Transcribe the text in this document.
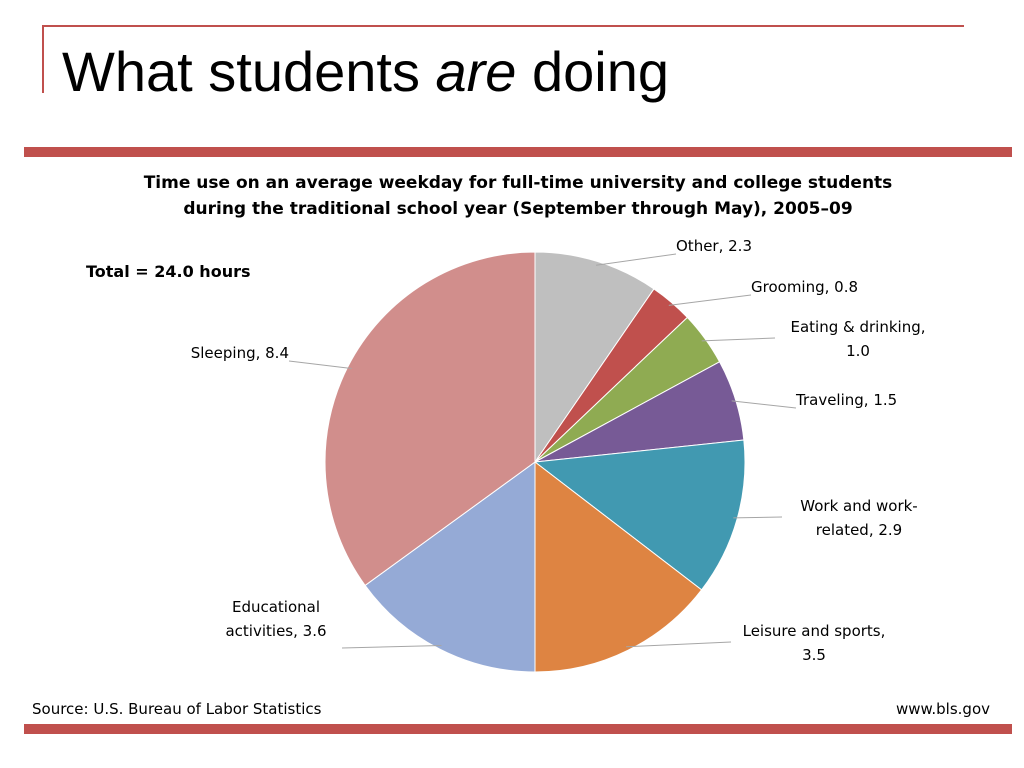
What students are doing
Other, 2.3
Grooming, 0.8
Eating & drinking, 1.0
Traveling, 1.5
Work and work-related, 2.9
Leisure and sports, 3.5
Educational activities, 3.6
Sleeping, 8.4
Time use on an average weekday for full-time university and college students
during the traditional school year (September through May), 2005–09
Total = 24.0 hours
Source: U.S. Bureau of Labor Statistics	www.bls.gov
